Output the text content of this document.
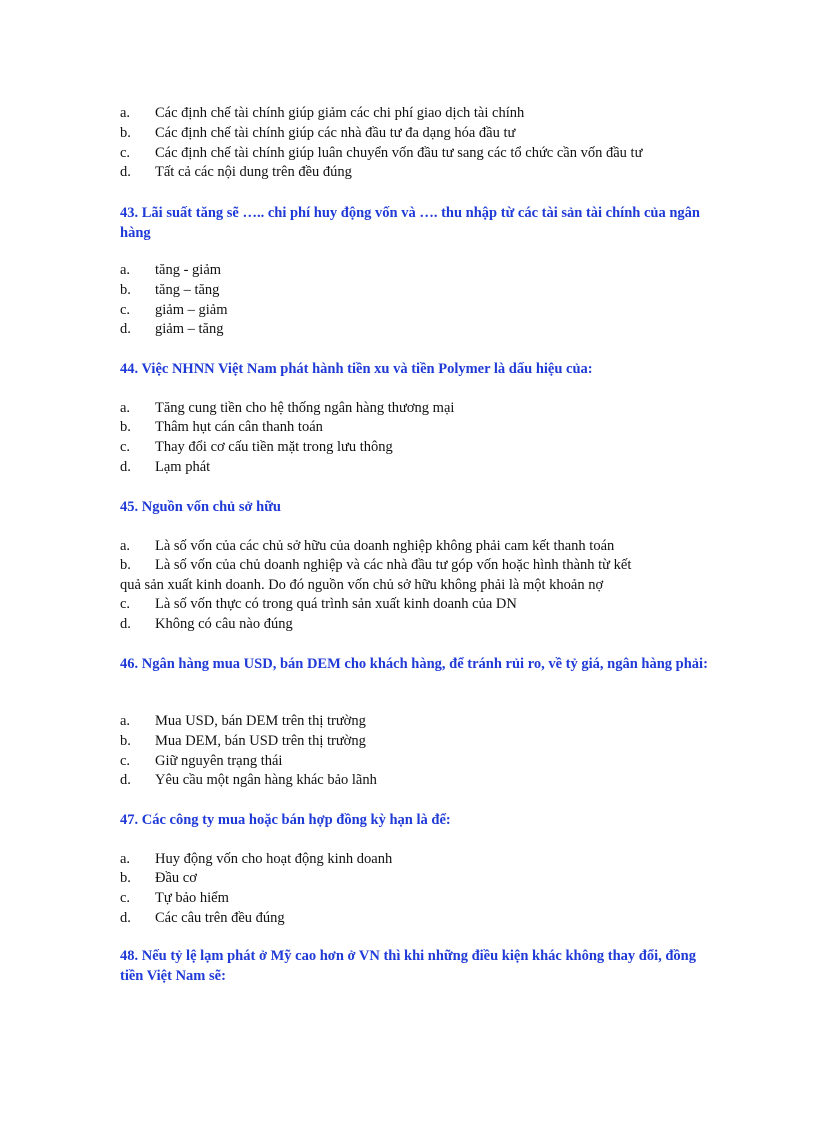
a. Các định chế tài chính giúp giảm các chi phí giao dịch tài chính
b. Các định chế tài chính giúp các nhà đầu tư đa dạng hóa đầu tư
c. Các định chế tài chính giúp luân chuyển vốn đầu tư sang các tổ chức cần vốn đầu tư
d. Tất cả các nội dung trên đều đúng
43. Lãi suất tăng sẽ ….. chi phí huy động vốn và …. thu nhập từ các tài sản tài chính của ngân hàng
a. tăng - giảm
b. tăng – tăng
c. giảm – giảm
d. giảm – tăng
44. Việc NHNN Việt Nam phát hành tiền xu và tiền Polymer là dấu hiệu của:
a. Tăng cung tiền cho hệ thống ngân hàng thương mại
b. Thâm hụt cán cân thanh toán
c. Thay đổi cơ cấu tiền mặt trong lưu thông
d. Lạm phát
45. Nguồn vốn chủ sở hữu
a. Là số vốn của các chủ sở hữu của doanh nghiệp không phải cam kết thanh toán
b. Là số vốn của chủ doanh nghiệp và các nhà đầu tư góp vốn hoặc hình thành từ kết
quả sản xuất kinh doanh. Do đó nguồn vốn chủ sở hữu không phải là một khoản nợ
c. Là số vốn thực có trong quá trình sản xuất kinh doanh của DN
d. Không có câu nào đúng
46. Ngân hàng mua USD, bán DEM cho khách hàng, để tránh rủi ro, về tỷ giá, ngân hàng phải:
a. Mua USD, bán DEM trên thị trường
b. Mua DEM, bán USD trên thị trường
c. Giữ nguyên trạng thái
d. Yêu cầu một ngân hàng khác bảo lãnh
47. Các công ty mua hoặc bán hợp đồng kỳ hạn là để:
a. Huy động vốn cho hoạt động kinh doanh
b. Đầu cơ
c. Tự bảo hiểm
d. Các câu trên đều đúng
48. Nếu tỷ lệ lạm phát ở Mỹ cao hơn ở VN thì khi những điều kiện khác không thay đổi, đồng tiền Việt Nam sẽ:
